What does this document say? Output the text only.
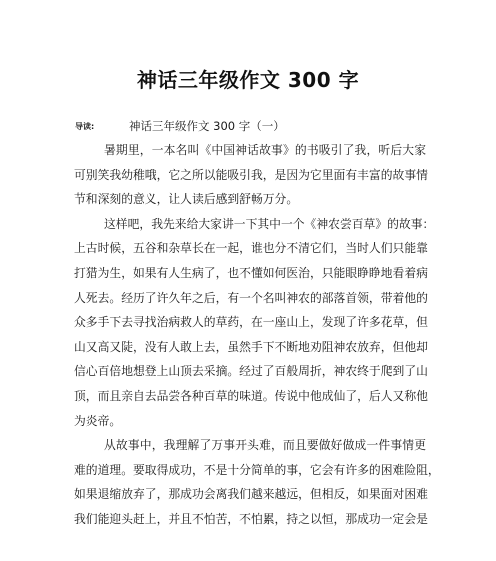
神话三年级作文 300 字
导读:	神话三年级作文 300 字（一）
暑期里，一本名叫《中国神话故事》的书吸引了我，听后大家
可别笑我幼稚哦，它之所以能吸引我，是因为它里面有丰富的故事情
节和深刻的意义，让人读后感到舒畅万分。
这样吧，我先来给大家讲一下其中一个《神农尝百草》的故事：
上古时候，五谷和杂草长在一起，谁也分不清它们，当时人们只能靠
打猎为生，如果有人生病了，也不懂如何医治，只能眼睁睁地看着病
人死去。经历了许久年之后，有一个名叫神农的部落首领，带着他的
众多手下去寻找治病救人的草药，在一座山上，发现了许多花草，但
山又高又陡，没有人敢上去，虽然手下不断地劝阻神农放弃，但他却
信心百倍地想登上山顶去采摘。经过了百般周折，神农终于爬到了山
顶，而且亲自去品尝各种百草的味道。传说中他成仙了，后人又称他
为炎帝。
从故事中，我理解了万事开头难，而且要做好做成一件事情更
难的道理。要取得成功，不是十分简单的事，它会有许多的困难险阻，
如果退缩放弃了，那成功会离我们越来越远，但相反，如果面对困难
我们能迎头赶上，并且不怕苦，不怕累，持之以恒，那成功一定会是
